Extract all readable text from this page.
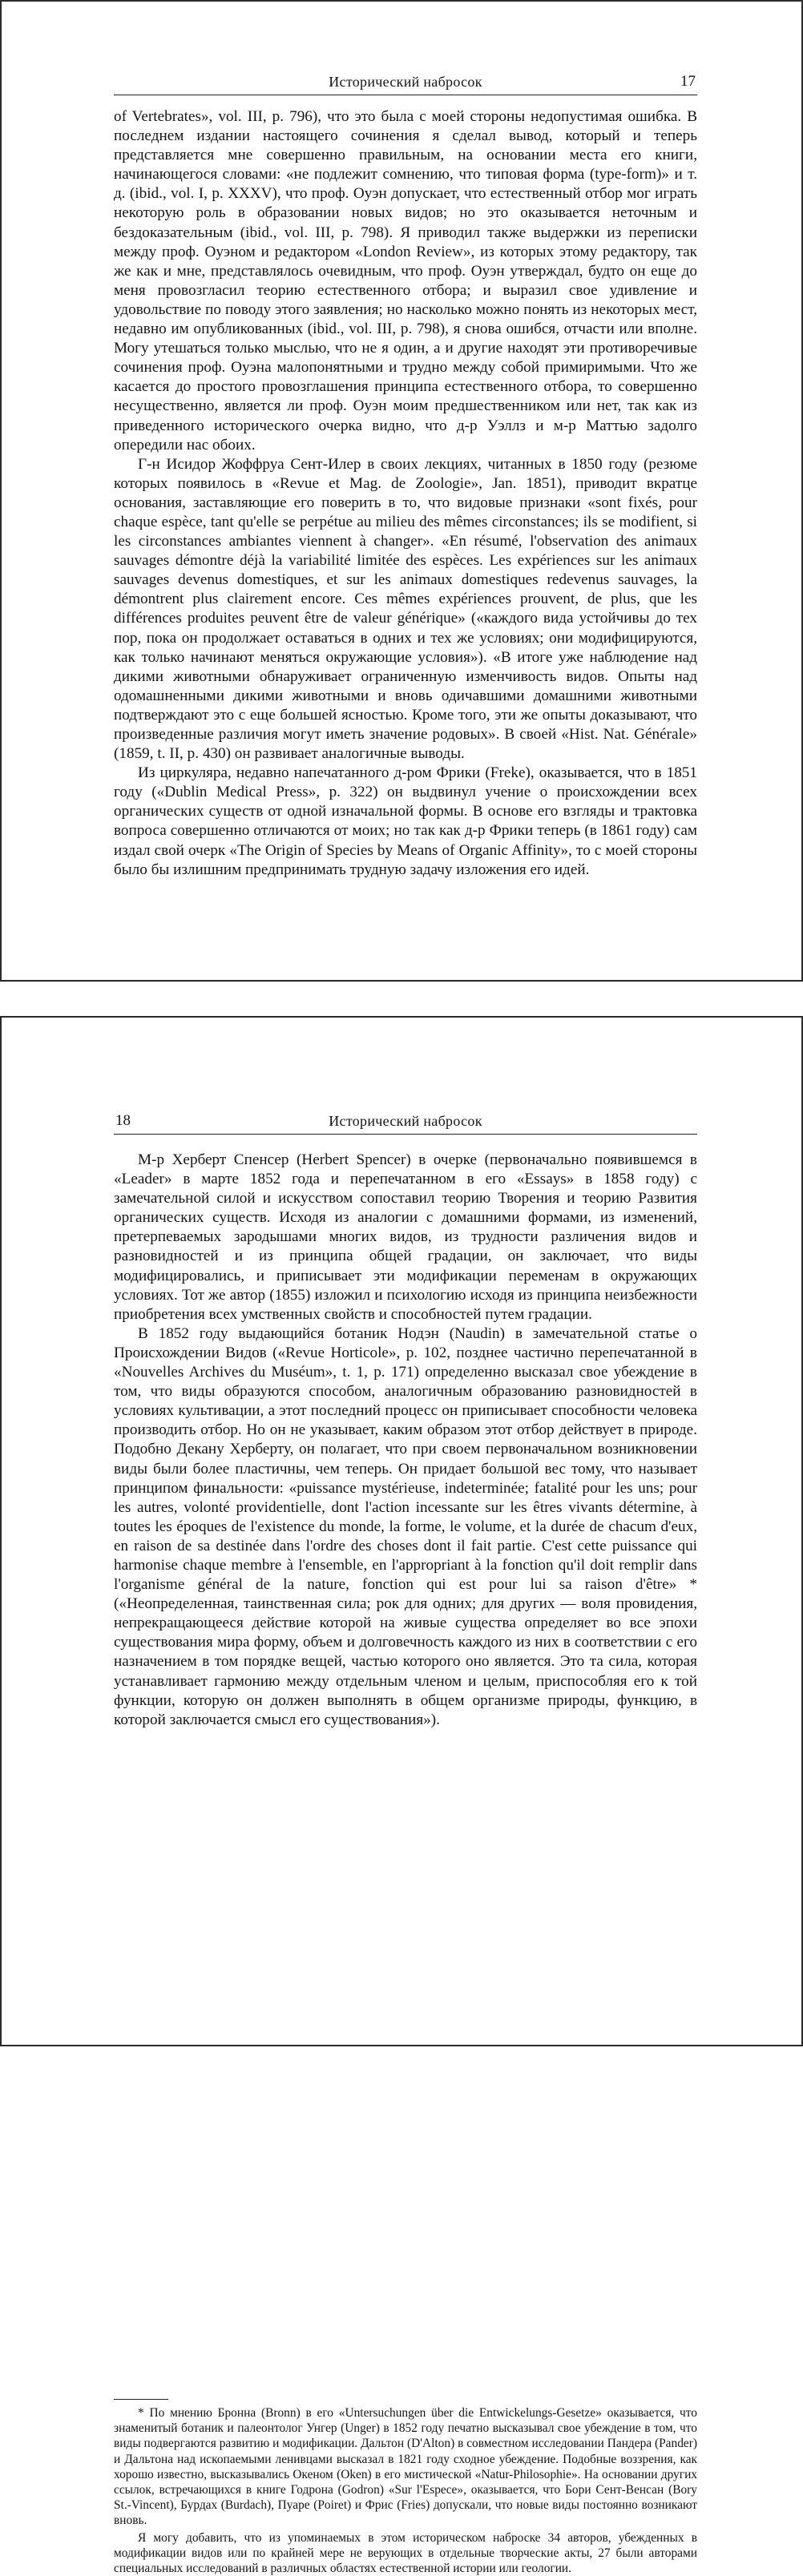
Исторический набросок	17

of Vertebrates», vol. III, p. 796), что это была с моей стороны недопустимая ошибка. В последнем издании настоящего сочинения я сделал вывод, который и теперь представляется мне совершенно правильным, на основании места его книги, начинающегося словами: «не подлежит сомнению, что типовая форма (type-form)» и т. д. (ibid., vol. I, p. XXXV), что проф. Оуэн допускает, что естественный отбор мог играть некоторую роль в образовании новых видов; но это оказывается неточным и бездоказательным (ibid., vol. III, p. 798). Я приводил также выдержки из переписки между проф. Оуэном и редактором «London Review», из которых этому редактору, так же как и мне, представлялось очевидным, что проф. Оуэн утверждал, будто он еще до меня провозгласил теорию естественного отбора; и выразил свое удивление и удовольствие по поводу этого заявления; но насколько можно понять из некоторых мест, недавно им опубликованных (ibid., vol. III, p. 798), я снова ошибся, отчасти или вполне. Могу утешаться только мыслью, что не я один, а и другие находят эти противоречивые сочинения проф. Оуэна малопонятными и трудно между собой примиримыми. Что же касается до простого провозглашения принципа естественного отбора, то совершенно несущественно, является ли проф. Оуэн моим предшественником или нет, так как из приведенного исторического очерка видно, что д-р Уэллз и м-р Маттью задолго опередили нас обоих.

Г-н Исидор Жоффруа Сент-Илер в своих лекциях, читанных в 1850 году (резюме которых появилось в «Revue et Mag. de Zoologie», Jan. 1851), приводит вкратце основания, заставляющие его поверить в то, что видовые признаки «sont fixés, pour chaque espèce, tant qu'elle se perpétue au milieu des mêmes circonstances; ils se modifient, si les circonstances ambiantes viennent à changer». «En résumé, l'observation des animaux sauvages démontre déjà la variabilité limitée des espèces. Les expériences sur les animaux sauvages devenus domestiques, et sur les animaux domestiques redevenus sauvages, la démontrent plus clairement encore. Ces mêmes expériences prouvent, de plus, que les différences produites peuvent être de valeur générique» («каждого вида устойчивы до тех пор, пока он продолжает оставаться в одних и тех же условиях; они модифицируются, как только начинают меняться окружающие условия»). «В итоге уже наблюдение над дикими животными обнаруживает ограниченную изменчивость видов. Опыты над одомашненными дикими животными и вновь одичавшими домашними животными подтверждают это с еще большей ясностью. Кроме того, эти же опыты доказывают, что произведенные различия могут иметь значение родовых». В своей «Hist. Nat. Générale» (1859, t. II, p. 430) он развивает аналогичные выводы.

Из циркуляра, недавно напечатанного д-ром Фрики (Freke), оказывается, что в 1851 году («Dublin Medical Press», p. 322) он выдвинул учение о происхождении всех органических существ от одной изначальной формы. В основе его взгляды и трактовка вопроса совершенно отличаются от моих; но так как д-р Фрики теперь (в 1861 году) сам издал свой очерк «The Origin of Species by Means of Organic Affinity», то с моей стороны было бы излишним предпринимать трудную задачу изложения его идей.

18	Исторический набросок

М-р Херберт Спенсер (Herbert Spencer) в очерке (первоначально появившемся в «Leader» в марте 1852 года и перепечатанном в его «Essays» в 1858 году) с замечательной силой и искусством сопоставил теорию Творения и теорию Развития органических существ. Исходя из аналогии с домашними формами, из изменений, претерпеваемых зародышами многих видов, из трудности различения видов и разновидностей и из принципа общей градации, он заключает, что виды модифицировались, и приписывает эти модификации переменам в окружающих условиях. Тот же автор (1855) изложил и психологию исходя из принципа неизбежности приобретения всех умственных свойств и способностей путем градации.

В 1852 году выдающийся ботаник Нодэн (Naudin) в замечательной статье о Происхождении Видов («Revue Horticole», p. 102, позднее частично перепечатанной в «Nouvelles Archives du Muséum», t. 1, p. 171) определенно высказал свое убеждение в том, что виды образуются способом, аналогичным образованию разновидностей в условиях культивации, а этот последний процесс он приписывает способности человека производить отбор. Но он не указывает, каким образом этот отбор действует в природе. Подобно Декану Херберту, он полагает, что при своем первоначальном возникновении виды были более пластичны, чем теперь. Он придает большой вес тому, что называет принципом финальности: «puissance mystérieuse, indeterminée; fatalité pour les uns; pour les autres, volonté providentielle, dont l'action incessante sur les êtres vivants détermine, à toutes les époques de l'existence du monde, la forme, le volume, et la durée de chacum d'eux, en raison de sa destinée dans l'ordre des choses dont il fait partie. C'est cette puissance qui harmonise chaque membre à l'ensemble, en l'appropriant à la fonction qu'il doit remplir dans l'organisme général de la nature, fonction qui est pour lui sa raison d'être» * («Неопределенная, таинственная сила; рок для одних; для других — воля провидения, непрекращающееся действие которой на живые существа определяет во все эпохи существования мира форму, объем и долговечность каждого из них в соответствии с его назначением в том порядке вещей, частью которого оно является. Это та сила, которая устанавливает гармонию между отдельным членом и целым, приспособляя его к той функции, которую он должен выполнять в общем организме природы, функцию, в которой заключается смысл его существования»).

* По мнению Бронна (Bronn) в его «Untersuchungen über die Entwickelungs-Gesetze» оказывается, что знаменитый ботаник и палеонтолог Унгер (Unger) в 1852 году печатно высказывал свое убеждение в том, что виды подвергаются развитию и модификации. Дальтон (D'Alton) в совместном исследовании Пандера (Pander) и Дальтона над ископаемыми ленивцами высказал в 1821 году сходное убеждение. Подобные воззрения, как хорошо известно, высказывались Океном (Oken) в его мистической «Natur-Philosophie». На основании других ссылок, встречающихся в книге Годрона (Godron) «Sur l'Espece», оказывается, что Бори Сент-Венсан (Bory St.-Vincent), Бурдах (Burdach), Пуаре (Poiret) и Фрис (Fries) допускали, что новые виды постоянно возникают вновь.

Я могу добавить, что из упоминаемых в этом историческом наброске 34 авторов, убежденных в модификации видов или по крайней мере не верующих в отдельные творческие акты, 27 были авторами специальных исследований в различных областях естественной истории или геологии.
